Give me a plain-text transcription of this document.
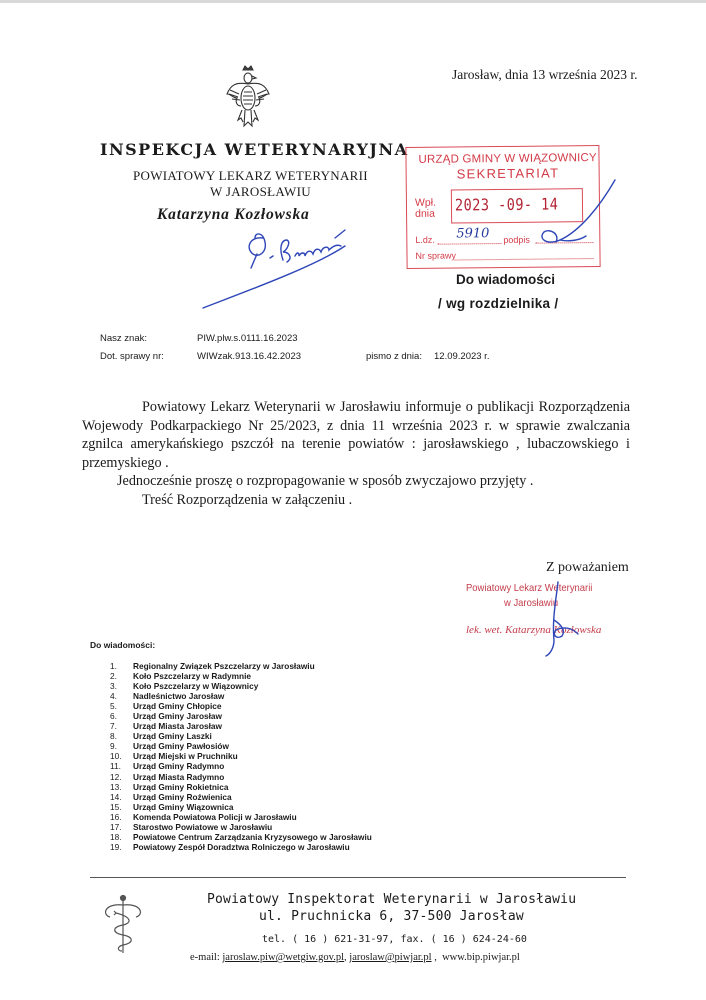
Jarosław, dnia 13 września 2023 r.
INSPEKCJA WETERYNARYJNA
POWIATOWY LEKARZ WETERYNARII
W JAROSŁAWIU
Katarzyna Kozłowska
URZĄD GMINY W WIĄZOWNICY
SEKRETARIAT
Wpł.
dnia 2023 -09- 14
L.dz. 5910 podpis
Nr sprawy
Do wiadomości
/ wg rozdzielnika /
Nasz znak:	PIW.plw.s.0111.16.2023
Dot. sprawy nr:	WIWzak.913.16.42.2023	pismo z dnia: 12.09.2023 r.

Powiatowy Lekarz Weterynarii w Jarosławiu informuje o publikacji Rozporządzenia Wojewody Podkarpackiego Nr 25/2023, z dnia 11 września 2023 r. w sprawie zwalczania zgnilca amerykańskiego pszczół na terenie powiatów : jarosławskiego , lubaczowskiego i przemyskiego .

Jednocześnie proszę o rozpropagowanie w sposób zwyczajowo przyjęty .

Treść Rozporządzenia w załączeniu .

Z poważaniem
Powiatowy Lekarz Weterynarii
w Jarosławiu
lek. wet. Katarzyna Kozłowska
Do wiadomości:
1.	Regionalny Związek Pszczelarzy w Jarosławiu
2.	Koło Pszczelarzy w Radymnie
3.	Koło Pszczelarzy w Wiązownicy
4.	Nadleśnictwo Jarosław
5.	Urząd Gminy Chłopice
6.	Urząd Gminy Jarosław
7.	Urząd Miasta Jarosław
8.	Urząd Gminy Laszki
9.	Urząd Gminy Pawłosiów
10.	Urząd Miejski w Pruchniku
11.	Urząd Gminy Radymno
12.	Urząd Miasta Radymno
13.	Urząd Gminy Rokietnica
14.	Urząd Gminy Roźwienica
15.	Urząd Gminy Wiązownica
16.	Komenda Powiatowa Policji w Jarosławiu
17.	Starostwo Powiatowe w Jarosławiu
18.	Powiatowe Centrum Zarządzania Kryzysowego w Jarosławiu
19.	Powiatowy Zespół Doradztwa Rolniczego w Jarosławiu
Powiatowy Inspektorat Weterynarii w Jarosławiu
ul. Pruchnicka 6, 37-500 Jarosław
tel. ( 16 ) 621-31-97, fax. ( 16 ) 624-24-60
e-mail: jaroslaw.piw@wetgiw.gov.pl, jaroslaw@piwjar.pl ,  www.bip.piwjar.pl
